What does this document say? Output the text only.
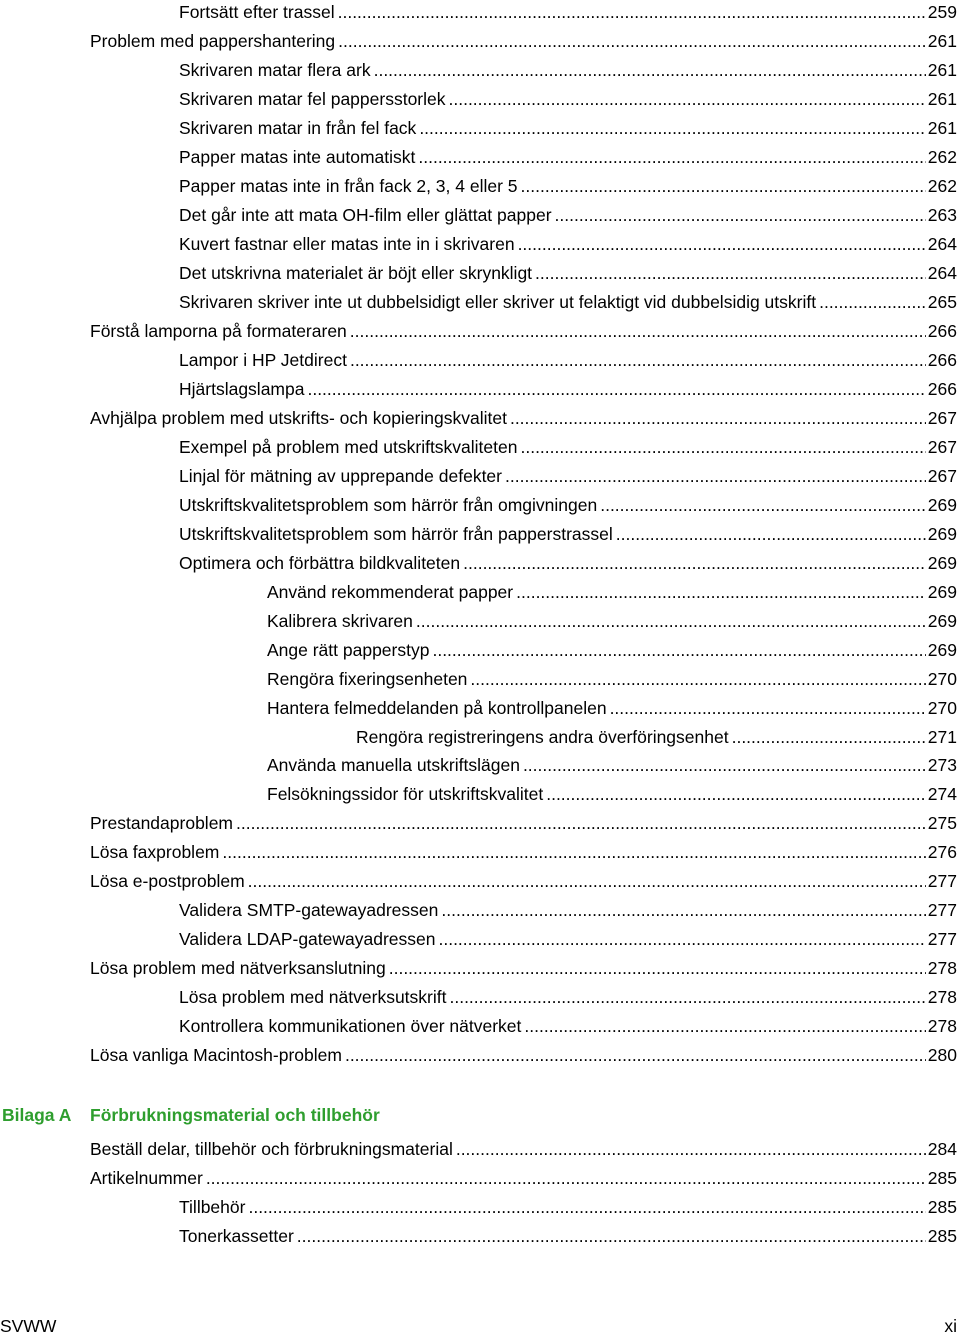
Fortsätt efter trassel .....	259
Problem med pappershantering .....	261
Skrivaren matar flera ark .....	261
Skrivaren matar fel pappersstorlek .....	261
Skrivaren matar in från fel fack .....	261
Papper matas inte automatiskt .....	262
Papper matas inte in från fack 2, 3, 4 eller 5 .....	262
Det går inte att mata OH-film eller glättat papper .....	263
Kuvert fastnar eller matas inte in i skrivaren .....	264
Det utskrivna materialet är böjt eller skrynkligt .....	264
Skrivaren skriver inte ut dubbelsidigt eller skriver ut felaktigt vid dubbelsidig utskrift .....	265
Förstå lamporna på formateraren .....	266
Lampor i HP Jetdirect .....	266
Hjärtslagslampa .....	266
Avhjälpa problem med utskrifts- och kopieringskvalitet .....	267
Exempel på problem med utskriftskvaliteten .....	267
Linjal för mätning av upprepande defekter .....	267
Utskriftskvalitetsproblem som härrör från omgivningen .....	269
Utskriftskvalitetsproblem som härrör från papperstrassel .....	269
Optimera och förbättra bildkvaliteten .....	269
Använd rekommenderat papper .....	269
Kalibrera skrivaren .....	269
Ange rätt papperstyp .....	269
Rengöra fixeringsenheten .....	270
Hantera felmeddelanden på kontrollpanelen .....	270
Rengöra registreringens andra överföringsenhet .....	271
Använda manuella utskriftslägen .....	273
Felsökningssidor för utskriftskvalitet .....	274
Prestandaproblem .....	275
Lösa faxproblem .....	276
Lösa e-postproblem .....	277
Validera SMTP-gatewayadressen .....	277
Validera LDAP-gatewayadressen .....	277
Lösa problem med nätverksanslutning .....	278
Lösa problem med nätverksutskrift .....	278
Kontrollera kommunikationen över nätverket .....	278
Lösa vanliga Macintosh-problem .....	280
Bilaga A Förbrukningsmaterial och tillbehör
Beställ delar, tillbehör och förbrukningsmaterial .....	284
Artikelnummer .....	285
Tillbehör .....	285
Tonerkassetter .....	285
SVWW	xi
